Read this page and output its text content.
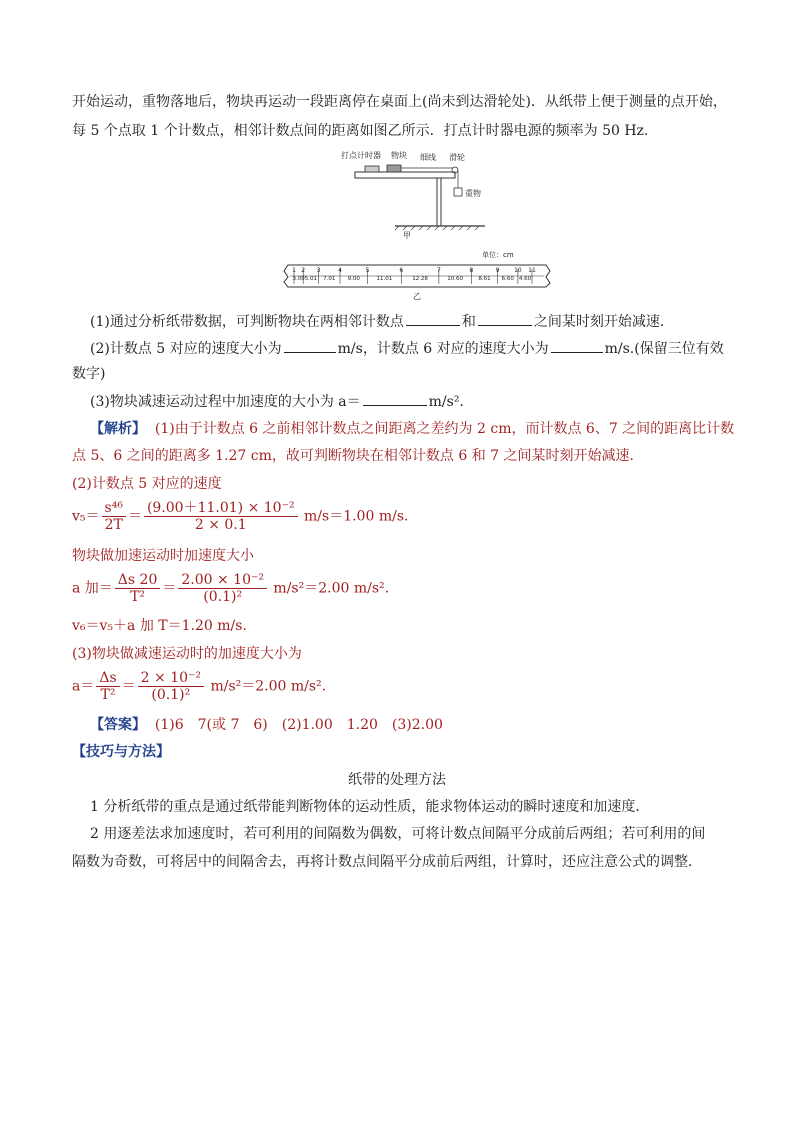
开始运动，重物落地后，物块再运动一段距离停在桌面上(尚未到达滑轮处)．从纸带上便于测量的点开始，
每 5 个点取 1 个计数点，相邻计数点间的距离如图乙所示．打点计时器电源的频率为 50 Hz.
打点计时器 物块 细线 滑轮
重物
甲
单位：cm
1 2 3	4	5	6	7	8	9 10 11
3.00 5.01 7.01 9.00	11.01	12.28	10.60	8.61 6.60 4.60
乙
(1)通过分析纸带数据，可判断物块在两相邻计数点	和	之间某时刻开始减速．
(2)计数点 5 对应的速度大小为	m/s，计数点 6 对应的速度大小为	m/s.(保留三位有效
数字)
(3)物块减速运动过程中加速度的大小为 a＝	m/s².
【解析】 (1)由于计数点 6 之前相邻计数点之间距离之差约为 2 cm，而计数点 6、7 之间的距离比计数
点 5、6 之间的距离多 1.27 cm，故可判断物块在相邻计数点 6 和 7 之间某时刻开始减速．
(2)计数点 5 对应的速度
$v_5= \frac{\text{s⁴⁶}}{2T} = \frac{\text{(9.00＋11.01) × 10⁻²}}{2 \times 0.1} m/s=1.00$ m/s.
物块做加速运动时加速度大小
a 加＝ $\frac{\Delta s 20}{\text{T²}} = \frac{\text{2.00 × 10⁻²}}{\text{(0.1)²}} m/s^2=2.00$ m/s².
v₆＝v₅＋a 加 T＝1.20 m/s.
(3)物块做减速运动时的加速度大小为
$a= \frac{\Delta s}{\text{T²}} = \frac{\text{2 × 10⁻²}}{\text{(0.1)²}} m/s^2=2.00$ m/s².
【答案】 (1)6　7(或 7　6)　(2)1.00　1.20　(3)2.00
【技巧与方法】
纸带的处理方法
1 分析纸带的重点是通过纸带能判断物体的运动性质，能求物体运动的瞬时速度和加速度．
2 用逐差法求加速度时，若可利用的间隔数为偶数，可将计数点间隔平分成前后两组；若可利用的间
隔数为奇数，可将居中的间隔舍去，再将计数点间隔平分成前后两组，计算时，还应注意公式的调整．
